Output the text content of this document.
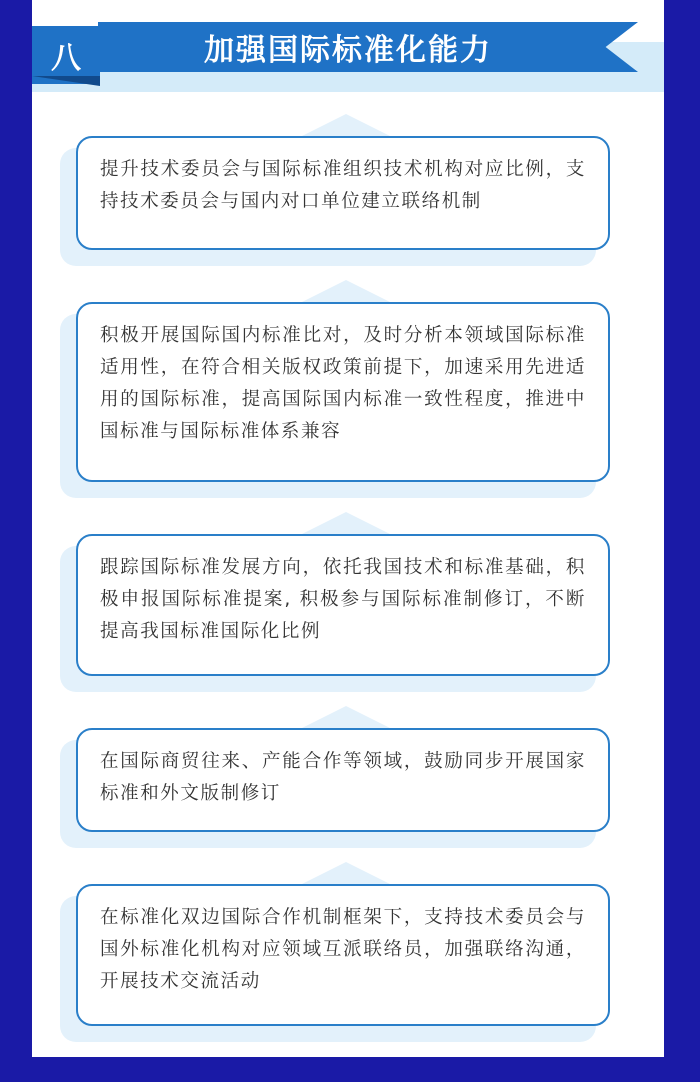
八	加强国际标准化能力
提升技术委员会与国际标准组织技术机构对应比例，支持技术委员会与国内对口单位建立联络机制
积极开展国际国内标准比对，及时分析本领域国际标准适用性，在符合相关版权政策前提下，加速采用先进适用的国际标准，提高国际国内标准一致性程度，推进中国标准与国际标准体系兼容
跟踪国际标准发展方向，依托我国技术和标准基础，积极申报国际标准提案, 积极参与国际标准制修订，不断提高我国标准国际化比例
在国际商贸往来、产能合作等领域，鼓励同步开展国家标准和外文版制修订
在标准化双边国际合作机制框架下，支持技术委员会与国外标准化机构对应领域互派联络员，加强联络沟通，开展技术交流活动
